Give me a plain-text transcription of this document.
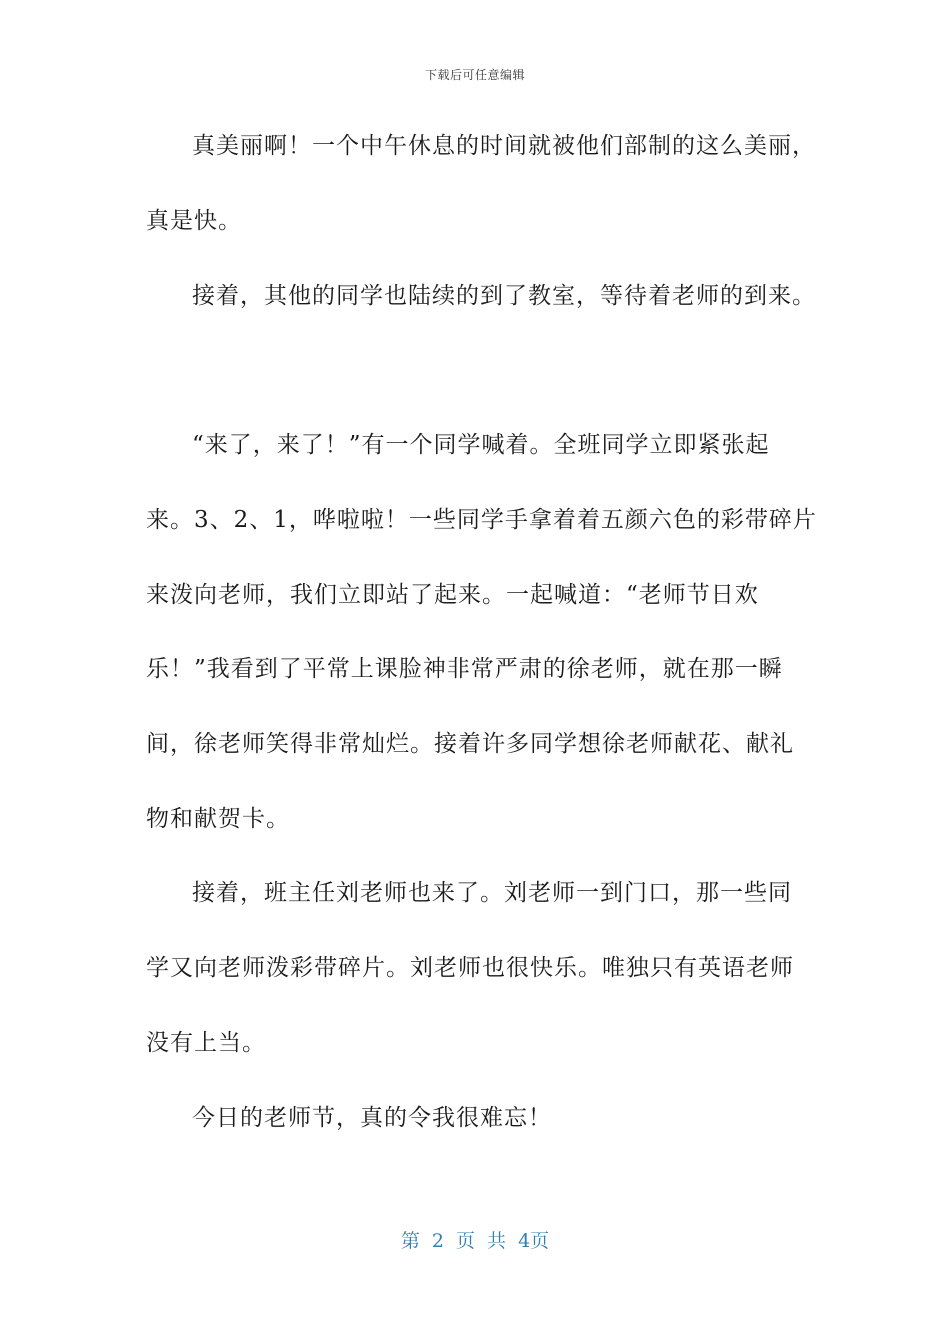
下载后可任意编辑
真美丽啊！一个中午休息的时间就被他们部制的这么美丽，
真是快。
接着，其他的同学也陆续的到了教室，等待着老师的到来。
“来了，来了！”有一个同学喊着。全班同学立即紧张起
来。3、2、1，哗啦啦！一些同学手拿着着五颜六色的彩带碎片
来泼向老师，我们立即站了起来。一起喊道：“老师节日欢
乐！”我看到了平常上课脸神非常严肃的徐老师，就在那一瞬
间，徐老师笑得非常灿烂。接着许多同学想徐老师献花、献礼
物和献贺卡。
接着，班主任刘老师也来了。刘老师一到门口，那一些同
学又向老师泼彩带碎片。刘老师也很快乐。唯独只有英语老师
没有上当。
今日的老师节，真的令我很难忘！
第 2 页 共 4页
